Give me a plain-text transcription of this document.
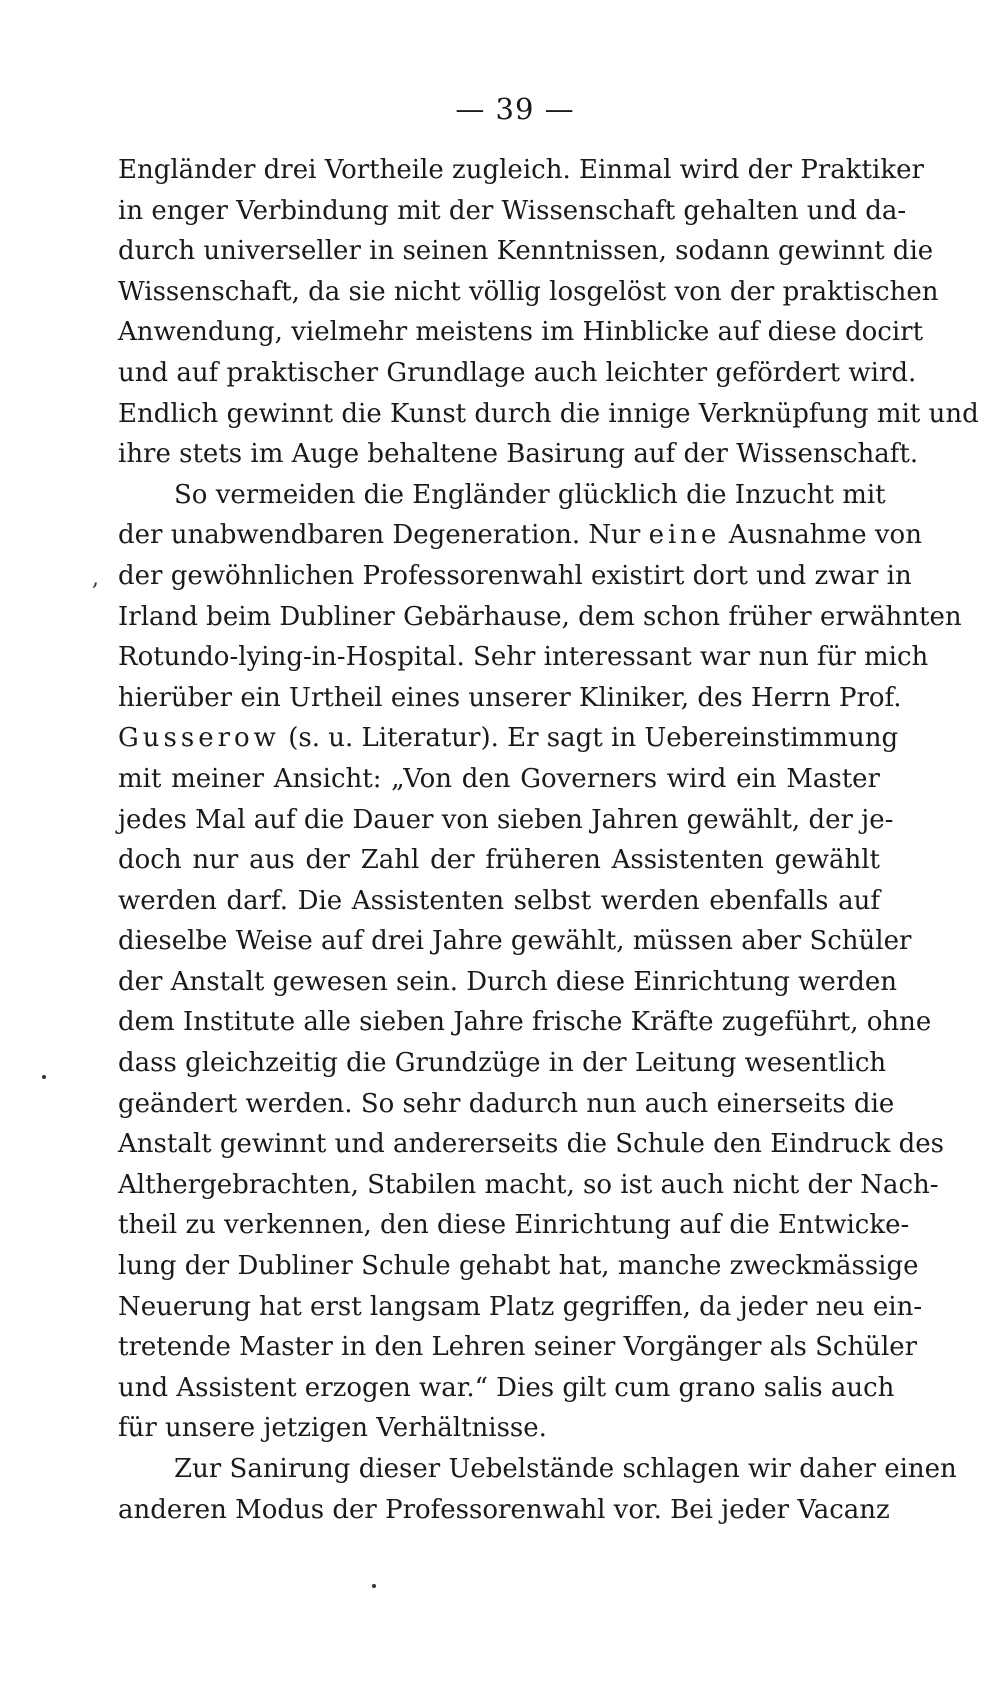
— 39 —
,
Engländer drei Vortheile zugleich. Einmal wird der Praktiker
in enger Verbindung mit der Wissenschaft gehalten und da-
durch universeller in seinen Kenntnissen, sodann gewinnt die
Wissenschaft, da sie nicht völlig losgelöst von der praktischen
Anwendung, vielmehr meistens im Hinblicke auf diese docirt
und auf praktischer Grundlage auch leichter gefördert wird.
Endlich gewinnt die Kunst durch die innige Verknüpfung mit und
ihre stets im Auge behaltene Basirung auf der Wissenschaft.
So vermeiden die Engländer glücklich die Inzucht mit
der unabwendbaren Degeneration. Nur eine Ausnahme von
der gewöhnlichen Professorenwahl existirt dort und zwar in
Irland beim Dubliner Gebärhause, dem schon früher erwähnten
Rotundo-lying-in-Hospital. Sehr interessant war nun für mich
hierüber ein Urtheil eines unserer Kliniker, des Herrn Prof.
Gusserow (s. u. Literatur). Er sagt in Uebereinstimmung
mit meiner Ansicht: „Von den Governers wird ein Master
jedes Mal auf die Dauer von sieben Jahren gewählt, der je-
doch nur aus der Zahl der früheren Assistenten gewählt
werden darf. Die Assistenten selbst werden ebenfalls auf
dieselbe Weise auf drei Jahre gewählt, müssen aber Schüler
der Anstalt gewesen sein. Durch diese Einrichtung werden
dem Institute alle sieben Jahre frische Kräfte zugeführt, ohne
dass gleichzeitig die Grundzüge in der Leitung wesentlich
geändert werden. So sehr dadurch nun auch einerseits die
Anstalt gewinnt und andererseits die Schule den Eindruck des
Althergebrachten, Stabilen macht, so ist auch nicht der Nach-
theil zu verkennen, den diese Einrichtung auf die Entwicke-
lung der Dubliner Schule gehabt hat, manche zweckmässige
Neuerung hat erst langsam Platz gegriffen, da jeder neu ein-
tretende Master in den Lehren seiner Vorgänger als Schüler
und Assistent erzogen war.“ Dies gilt cum grano salis auch
für unsere jetzigen Verhältnisse.
Zur Sanirung dieser Uebelstände schlagen wir daher einen
anderen Modus der Professorenwahl vor. Bei jeder Vacanz
